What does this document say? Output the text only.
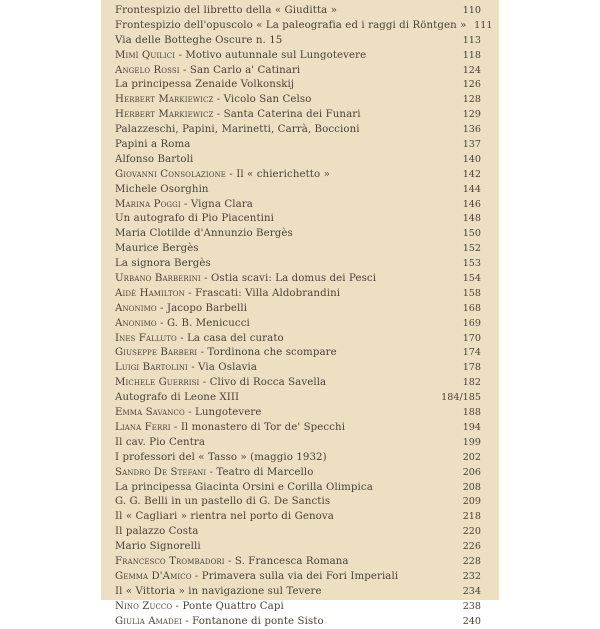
Frontespizio del libretto della « Giuditta »	110
Frontespizio dell'opuscolo « La paleografia ed i raggi di Röntgen » 111
Via delle Botteghe Oscure n. 15	113
Mimì Quilici - Motivo autunnale sul Lungotevere	118
Angelo Rossi - San Carlo a' Catinari	124
La principessa Zenaide Volkonskij	126
Herbert Markiewicz - Vicolo San Celso	128
Herbert Markiewicz - Santa Caterina dei Funari	129
Palazzeschi, Papini, Marinetti, Carrà, Boccioni	136
Papini a Roma	137
Alfonso Bartoli	140
Giovanni Consolazione - Il « chierichetto »	142
Michele Osorghin	144
Marina Poggi - Vigna Clara	146
Un autografo di Pio Piacentini	148
Maria Clotilde d'Annunzio Bergès	150
Maurice Bergès	152
La signora Bergès	153
Urbano Barberini - Ostia scavi: La domus dei Pesci	154
Aidè Hamilton - Frascati: Villa Aldobrandini	158
Anonimo - Jacopo Barbelli	168
Anonimo - G. B. Menicucci	169
Ines Falluto - La casa del curato	170
Giuseppe Barberi - Tordinona che scompare	174
Luigi Bartolini - Via Oslavia	178
Michele Guerrisi - Clivo di Rocca Savella	182
Autografo di Leone XIII	184/185
Emma Savanco - Lungotevere	188
Liana Ferri - Il monastero di Tor de' Specchi	194
Il cav. Pio Centra	199
I professori del « Tasso » (maggio 1932)	202
Sandro De Stefani - Teatro di Marcello	206
La principessa Giacinta Orsini e Corilla Olimpica	208
G. G. Belli in un pastello di G. De Sanctis	209
Il « Cagliari » rientra nel porto di Genova	218
Il palazzo Costa	220
Mario Signorelli	226
Francesco Trombadori - S. Francesca Romana	228
Gemma D'Amico - Primavera sulla via dei Fori Imperiali	232
Il « Vittoria » in navigazione sul Tevere	234
Nino Zucco - Ponte Quattro Capi	238
Giulia Amadei - Fontanone di ponte Sisto	240
